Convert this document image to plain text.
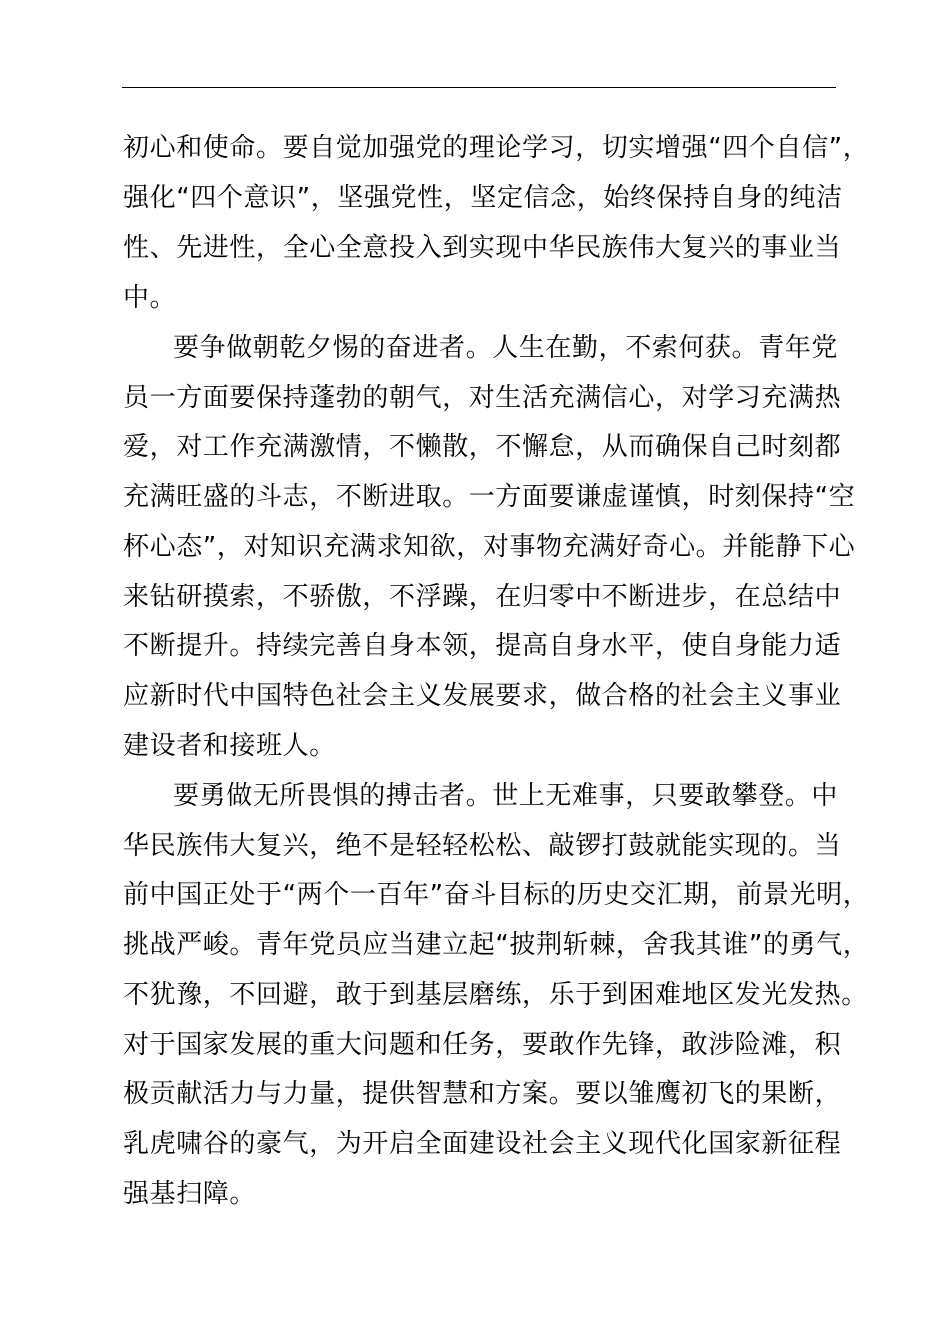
初心和使命。要自觉加强党的理论学习，切实增强“四个自信”，
强化“四个意识”，坚强党性，坚定信念，始终保持自身的纯洁
性、先进性，全心全意投入到实现中华民族伟大复兴的事业当
中。
要争做朝乾夕惕的奋进者。人生在勤，不索何获。青年党
员一方面要保持蓬勃的朝气，对生活充满信心，对学习充满热
爱，对工作充满激情，不懒散，不懈怠，从而确保自己时刻都
充满旺盛的斗志，不断进取。一方面要谦虚谨慎，时刻保持“空
杯心态”，对知识充满求知欲，对事物充满好奇心。并能静下心
来钻研摸索，不骄傲，不浮躁，在归零中不断进步，在总结中
不断提升。持续完善自身本领，提高自身水平，使自身能力适
应新时代中国特色社会主义发展要求，做合格的社会主义事业
建设者和接班人。
要勇做无所畏惧的搏击者。世上无难事，只要敢攀登。中
华民族伟大复兴，绝不是轻轻松松、敲锣打鼓就能实现的。当
前中国正处于“两个一百年”奋斗目标的历史交汇期，前景光明，
挑战严峻。青年党员应当建立起“披荆斩棘，舍我其谁”的勇气，
不犹豫，不回避，敢于到基层磨练，乐于到困难地区发光发热。
对于国家发展的重大问题和任务，要敢作先锋，敢涉险滩，积
极贡献活力与力量，提供智慧和方案。要以雏鹰初飞的果断，
乳虎啸谷的豪气，为开启全面建设社会主义现代化国家新征程
强基扫障。
